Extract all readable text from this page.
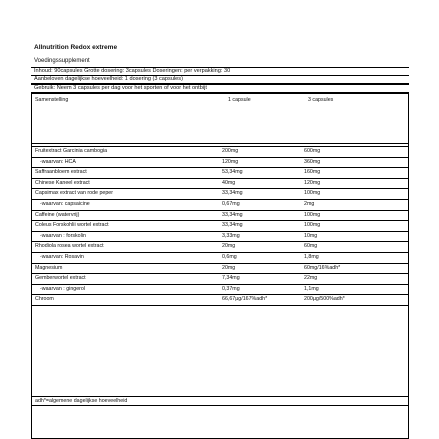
Allnutrition Redox extreme
Voedingssupplement
Inhoud: 90capsules Grotte dosering: 3capsules Doseringen: per verpakking: 30
Aanbeloven dagelijkse hoeveelheid: 1 dosering (3 capsules)
Gebruik: Neem 3 capsules per dag voor het sporten of voor het ontbijt
Samenstelling	1 capsule	3 capsules
Fruitextract Garcinia cambogia	200mg	600mg
-waarvan: HCA	120mg	360mg
Saffraanbloem extract	53,34mg	160mg
Chinese Kaneel extract	40mg	120mg
Capsimax extract van rode peper	33,34mg	100mg
-waarvan: capsaicine	0,67mg	2mg
Caffeine (watervrij)	33,34mg	100mg
Coleus Forskohlii wortel extract	33,34mg	100mg
-waarvan : forskolin	3,33mg	10mg
Rhodiola rosea wortel extract	20mg	60mg
-waarvan: Rosavin	0,6mg	1,8mg
Magnesium	20mg	60mg/16%adh*
Gemberwortel extract	7,34mg	22mg
-waarvan : gingerol	0,37mg	1,1mg
Chroom	66,67µg/167%adh*	200µg/500%adh*
adh*=algemene dagelijkse hoeveelheid
